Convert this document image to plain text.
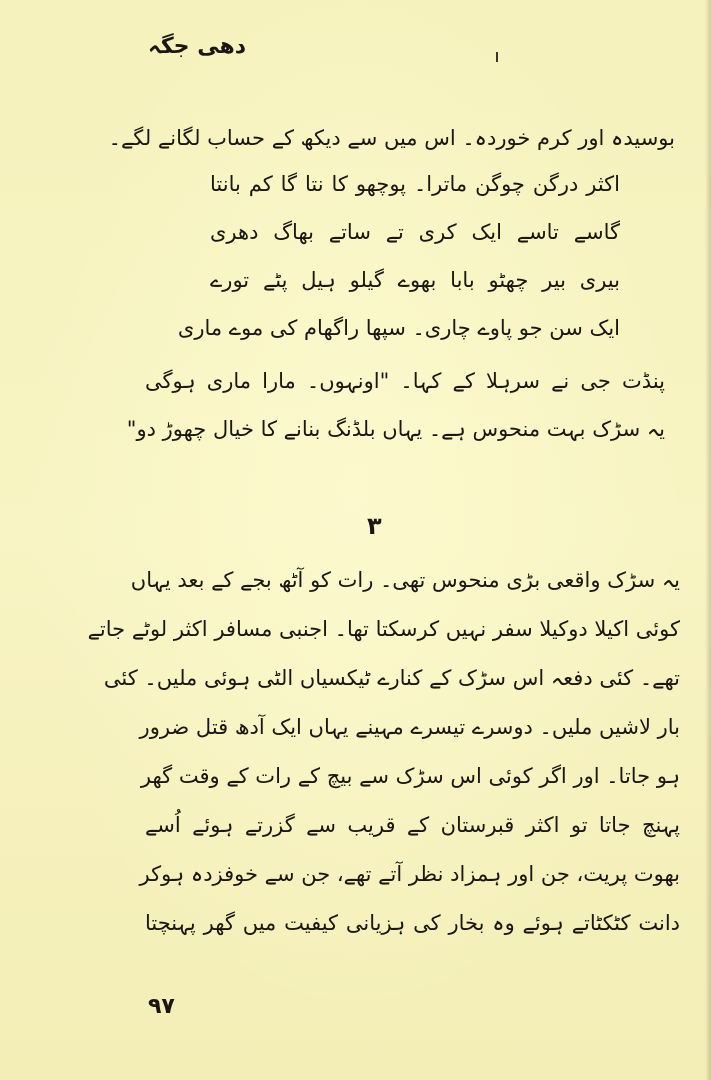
دھی جگہ
بوسیدہ اور کرم خوردہ۔ اس میں سے دیکھ کے حساب لگانے لگے۔
اکثر درگن چوگن ماترا۔ پوچھو کا نتا گا کم بانتا
گاسے تاسے ایک کری تے ساتے بھاگ دھری
بیری بیر چھٹو بابا بھوے گیلو ہیل پٹے تورے
ایک سن جو پاوے چاری۔ سپھا راگھام کی موے ماری
پنڈت جی نے سرہلا کے کہا۔ "اونہوں۔ مارا ماری ہوگی
یہ سڑک بہت منحوس ہے۔ یہاں بلڈنگ بنانے کا خیال چھوڑ دو"
۳
یہ سڑک واقعی بڑی منحوس تھی۔ رات کو آٹھ بجے کے بعد یہاں
کوئی اکیلا دوکیلا سفر نہیں کرسکتا تھا۔ اجنبی مسافر اکثر لوٹے جاتے
تھے۔ کئی دفعہ اس سڑک کے کنارے ٹیکسیاں الٹی ہوئی ملیں۔ کئی
بار لاشیں ملیں۔ دوسرے تیسرے مہینے یہاں ایک آدھ قتل ضرور
ہو جاتا۔ اور اگر کوئی اس سڑک سے بیچ کے رات کے وقت گھر
پہنچ جاتا تو اکثر قبرستان کے قریب سے گزرتے ہوئے اُسے
بھوت پریت، جن اور ہمزاد نظر آتے تھے، جن سے خوفزدہ ہوکر
دانت کٹکٹاتے ہوئے وہ بخار کی ہزیانی کیفیت میں گھر پہنچتا
۹۷
